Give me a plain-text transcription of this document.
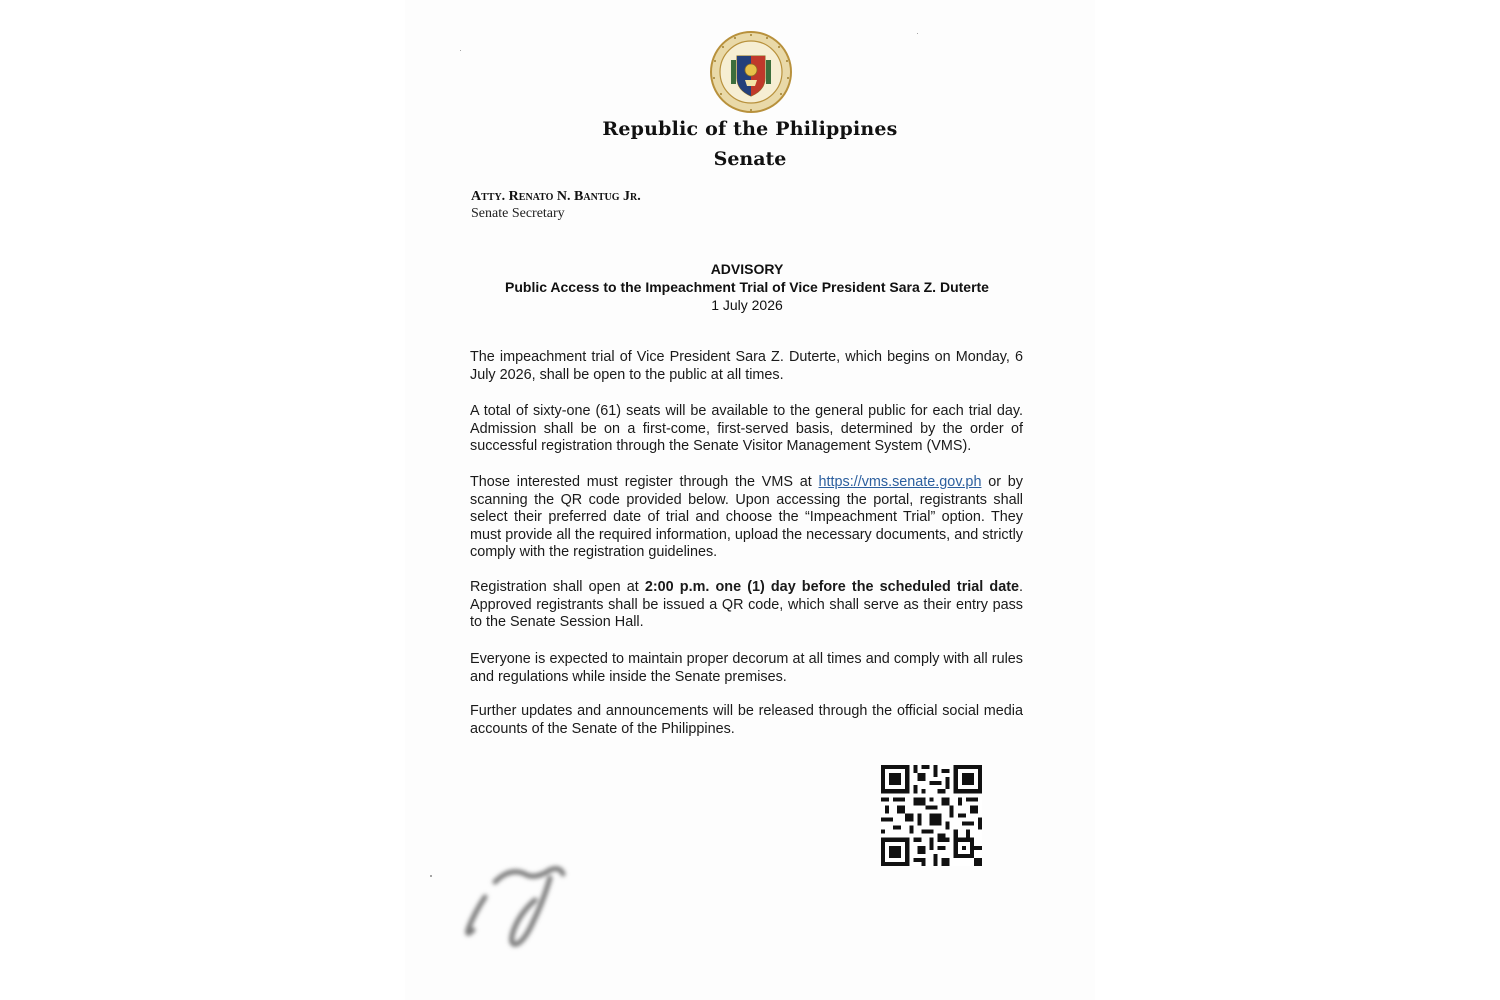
Republic of the Philippines
Senate
Atty. Renato N. Bantug Jr.
Senate Secretary
ADVISORY
Public Access to the Impeachment Trial of Vice President Sara Z. Duterte
1 July 2026
The impeachment trial of Vice President Sara Z. Duterte, which begins on Monday, 6 July 2026, shall be open to the public at all times.
A total of sixty-one (61) seats will be available to the general public for each trial day. Admission shall be on a first-come, first-served basis, determined by the order of successful registration through the Senate Visitor Management System (VMS).
Those interested must register through the VMS at https://vms.senate.gov.ph or by scanning the QR code provided below. Upon accessing the portal, registrants shall select their preferred date of trial and choose the “Impeachment Trial” option. They must provide all the required information, upload the necessary documents, and strictly comply with the registration guidelines.
Registration shall open at 2:00 p.m. one (1) day before the scheduled trial date. Approved registrants shall be issued a QR code, which shall serve as their entry pass to the Senate Session Hall.
Everyone is expected to maintain proper decorum at all times and comply with all rules and regulations while inside the Senate premises.
Further updates and announcements will be released through the official social media accounts of the Senate of the Philippines.
